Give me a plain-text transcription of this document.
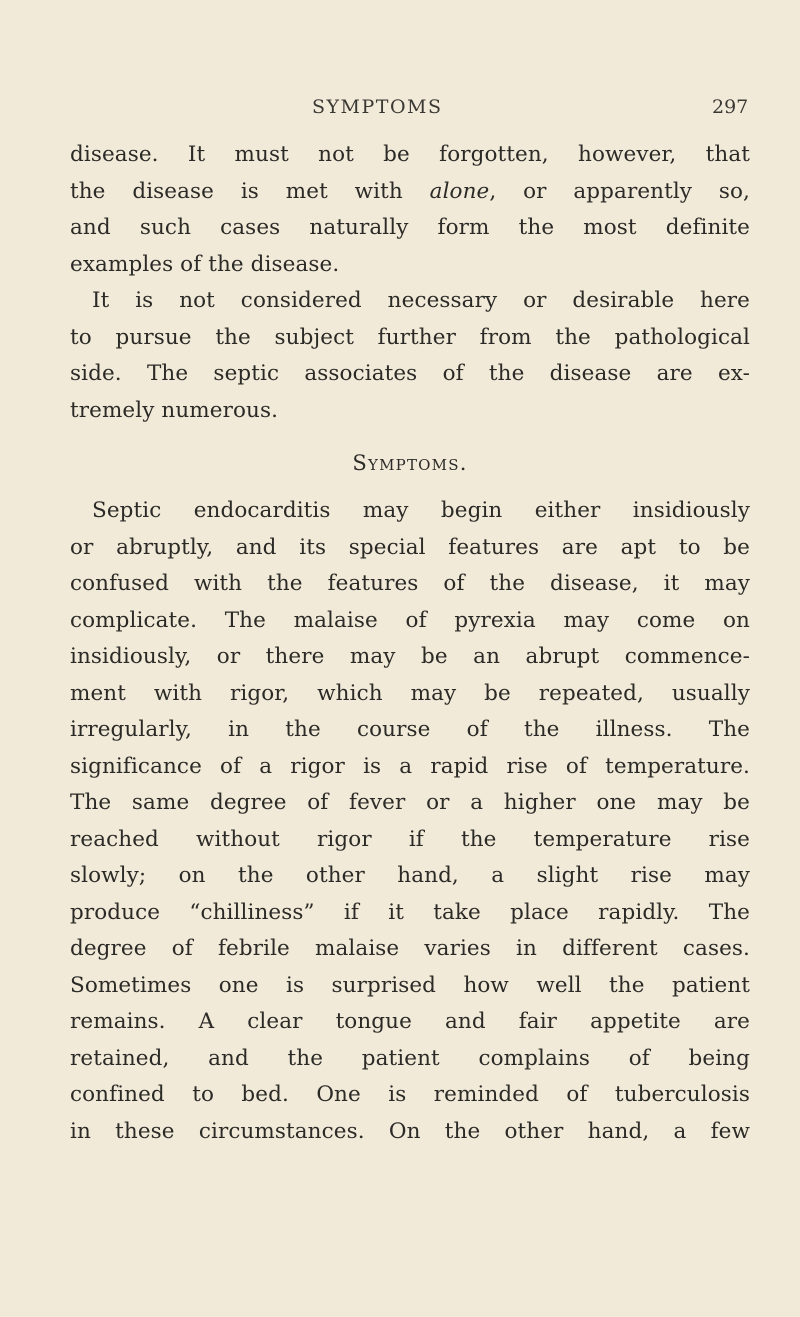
SYMPTOMS	297
disease. It must not be forgotten, however, that
the disease is met with alone, or apparently so,
and such cases naturally form the most definite
examples of the disease.
It is not considered necessary or desirable here
to pursue the subject further from the pathological
side. The septic associates of the disease are ex-
tremely numerous.
Symptoms.
Septic endocarditis may begin either insidiously
or abruptly, and its special features are apt to be
confused with the features of the disease, it may
complicate. The malaise of pyrexia may come on
insidiously, or there may be an abrupt commence-
ment with rigor, which may be repeated, usually
irregularly, in the course of the illness. The
significance of a rigor is a rapid rise of temperature.
The same degree of fever or a higher one may be
reached without rigor if the temperature rise
slowly; on the other hand, a slight rise may
produce “chilliness” if it take place rapidly. The
degree of febrile malaise varies in different cases.
Sometimes one is surprised how well the patient
remains. A clear tongue and fair appetite are
retained, and the patient complains of being
confined to bed. One is reminded of tuberculosis
in these circumstances. On the other hand, a few
